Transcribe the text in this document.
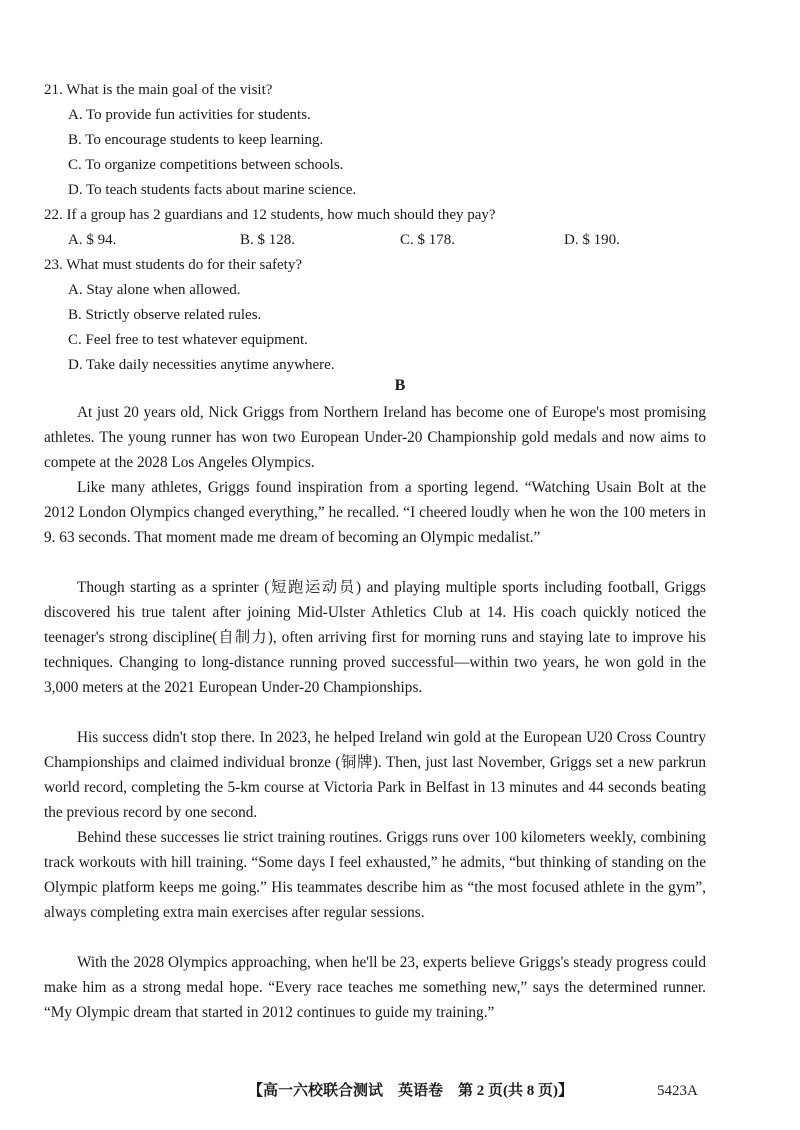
21. What is the main goal of the visit?
A. To provide fun activities for students.
B. To encourage students to keep learning.
C. To organize competitions between schools.
D. To teach students facts about marine science.
22. If a group has 2 guardians and 12 students, how much should they pay?
A. $ 94.	B. $ 128.	C. $ 178.	D. $ 190.
23. What must students do for their safety?
A. Stay alone when allowed.
B. Strictly observe related rules.
C. Feel free to test whatever equipment.
D. Take daily necessities anytime anywhere.
B

At just 20 years old, Nick Griggs from Northern Ireland has become one of Europe's most promising athletes. The young runner has won two European Under-20 Championship gold medals and now aims to compete at the 2028 Los Angeles Olympics.

Like many athletes, Griggs found inspiration from a sporting legend. “Watching Usain Bolt at the 2012 London Olympics changed everything,” he recalled. “I cheered loudly when he won the 100 meters in 9. 63 seconds. That moment made me dream of becoming an Olympic medalist.”

Though starting as a sprinter (短跑运动员) and playing multiple sports including football, Griggs discovered his true talent after joining Mid-Ulster Athletics Club at 14. His coach quickly noticed the teenager's strong discipline(自制力), often arriving first for morning runs and staying late to improve his techniques. Changing to long-distance running proved successful—within two years, he won gold in the 3,000 meters at the 2021 European Under-20 Championships.

His success didn't stop there. In 2023, he helped Ireland win gold at the European U20 Cross Country Championships and claimed individual bronze (铜牌). Then, just last November, Griggs set a new parkrun world record, completing the 5-km course at Victoria Park in Belfast in 13 minutes and 44 seconds beating the previous record by one second.

Behind these successes lie strict training routines. Griggs runs over 100 kilometers weekly, combining track workouts with hill training. “Some days I feel exhausted,” he admits, “but thinking of standing on the Olympic platform keeps me going.” His teammates describe him as “the most focused athlete in the gym”, always completing extra main exercises after regular sessions.

With the 2028 Olympics approaching, when he'll be 23, experts believe Griggs's steady progress could make him as a strong medal hope. “Every race teaches me something new,” says the determined runner. “My Olympic dream that started in 2012 continues to guide my training.”

【高一六校联合测试　英语卷　第 2 页(共 8 页)】	5423A
